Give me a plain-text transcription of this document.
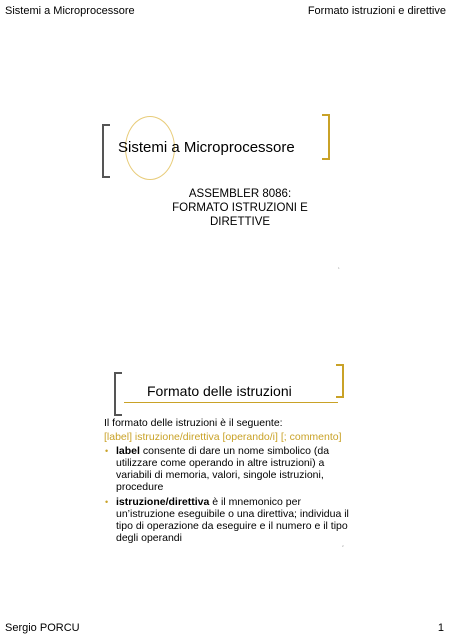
Sistemi a Microprocessore	Formato istruzioni e direttive
Sistemi a Microprocessore
ASSEMBLER 8086:
FORMATO ISTRUZIONI E
DIRETTIVE
1
Formato delle istruzioni
Il formato delle istruzioni è il seguente:
[label] istruzione/direttiva [operando/i] [; commento]
• label consente di dare un nome simbolico (da utilizzare come operando in altre istruzioni) a variabili di memoria, valori, singole istruzioni, procedure
• istruzione/direttiva è il mnemonico per un’istruzione eseguibile o una direttiva; individua il tipo di operazione da eseguire e il numero e il tipo degli operandi
2
Sergio PORCU	1
